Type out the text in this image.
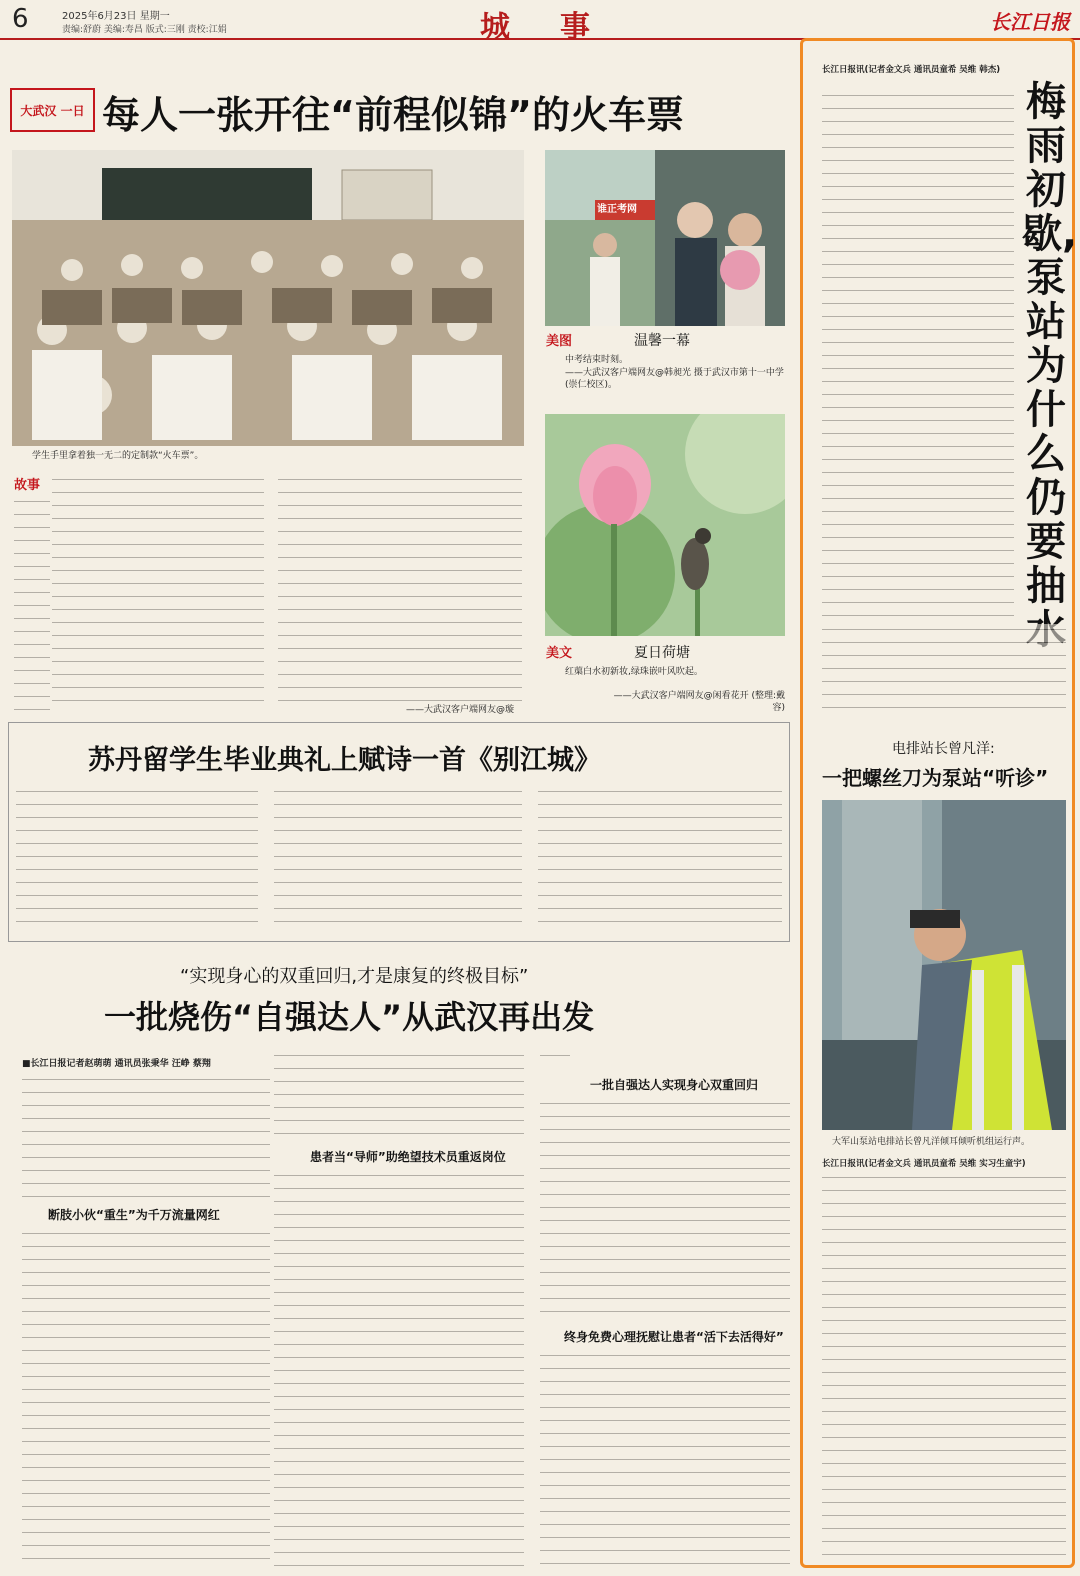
6	2025年6月23日 星期一
责编:舒蔚 美编:寿昌 版式:三刚 责校:江娟	城事	长江日报
大武汉 一日 每人一张开往“前程似锦”的火车票
学生手里拿着独一无二的定制款“火车票”。
故事
——大武汉客户端网友@璇
谁正考网
美图	温馨一幕
中考结束时刻。
——大武汉客户端网友@韩昶光 摄于武汉市第十一中学(崇仁校区)。
美文	夏日荷塘
红蕖白水初新妆,绿珠嵌叶风吹起。
——大武汉客户端网友@闲看花开 (整理:戴容)
苏丹留学生毕业典礼上赋诗一首《别江城》
“实现身心的双重回归,才是康复的终极目标”
一批烧伤“自强达人”从武汉再出发
■长江日报记者赵萌萌 通讯员张秉华 汪峥 蔡翔
断肢小伙“重生”为千万流量网红
患者当“导师”助绝望技术员重返岗位
一批自强达人实现身心双重回归
终身免费心理抚慰让患者“活下去活得好”
梅雨初歇,泵站为什么仍要抽
长江日报讯(记者金文兵 通讯员童希 吴维 韩杰)
电排站长曾凡洋:
一把螺丝刀为泵站“听诊”
大军山泵站电排站长曾凡洋倾耳倾听机组运行声。
长江日报讯(记者金文兵 通讯员童希 吴维 实习生童宇)
